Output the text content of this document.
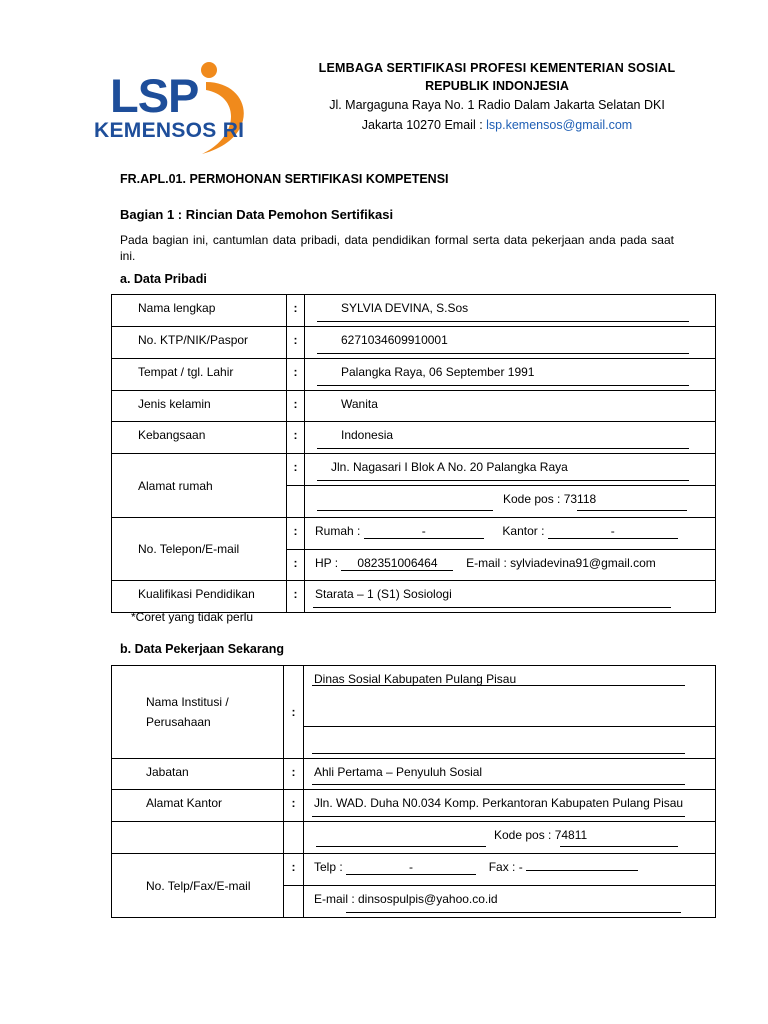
LSP
KEMENSOS RI
LEMBAGA SERTIFIKASI PROFESI KEMENTERIAN SOSIAL
REPUBLIK INDONJESIA
Jl. Margaguna Raya No. 1 Radio Dalam Jakarta Selatan DKI
Jakarta 10270 Email : lsp.kemensos@gmail.com
FR.APL.01. PERMOHONAN SERTIFIKASI KOMPETENSI
Bagian 1 : Rincian Data Pemohon Sertifikasi
Pada bagian ini, cantumlan data pribadi, data pendidikan formal serta data pekerjaan anda pada saat ini.
a. Data Pribadi
Nama lengkap	:	SYLVIA DEVINA, S.Sos

No. KTP/NIK/Paspor	:	6271034609910001

Tempat / tgl. Lahir	:	Palangka Raya, 06 September 1991

Jenis kelamin	:	Wanita
Kebangsaan	:	Indonesia

Alamat rumah	:	Jln. Nagasari I Blok A No. 20 Palangka Raya

		Kode pos : 73118

No. Telepon/E-mail	:	Rumah : - Kantor : -
	:	HP : 082351006464 E-mail : sylviadevina91@gmail.com
Kualifikasi Pendidikan	:	Starata – 1 (S1) Sosiologi
*Coret yang tidak perlu
b. Data Pekerjaan Sekarang
Nama Institusi /
Perusahaan	:	Dinas Sosial Kabupaten Pulang Pisau

Jabatan	:	Ahli Pertama – Penyuluh Sosial

Alamat Kantor	:	Jln. WAD. Duha N0.034 Komp. Perkantoran Kabupaten Pulang Pisau

		Kode pos : 74811

No. Telp/Fax/E-mail	:	Telp : - Fax : -
		E-mail : dinsospulpis@yahoo.co.id
